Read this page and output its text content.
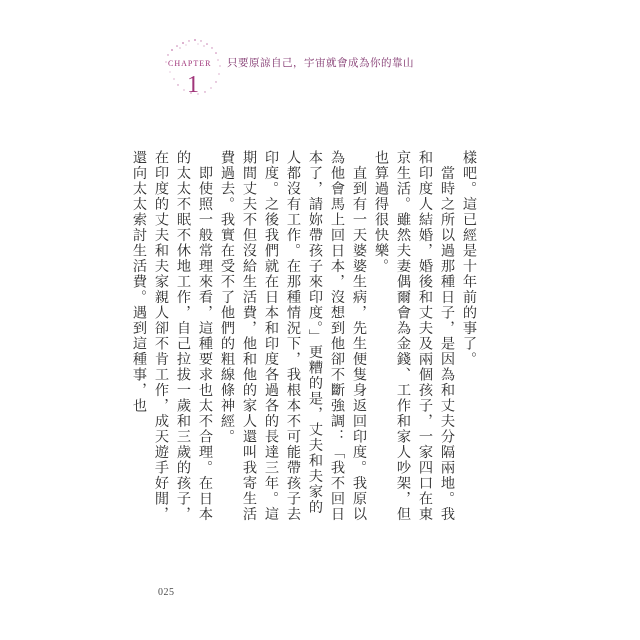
CHAPTER
1
只要原諒自己，宇宙就會成為你的靠山

樣吧。這已經是十年前的事了。

　當時之所以過那種日子，是因為和丈夫分隔兩地。我和印度人結婚，婚後和丈夫及兩個孩子，一家四口在東京生活。雖然夫妻偶爾會為金錢、工作和家人吵架，但也算過得很快樂。

　直到有一天婆婆生病，先生便隻身返回印度。我原以為他會馬上回日本，沒想到他卻不斷強調：「我不回日本了，請妳帶孩子來印度。」更糟的是，丈夫和夫家的人都沒有工作。在那種情況下，我根本不可能帶孩子去印度。之後我們就在日本和印度各過各的長達三年。這期間丈夫不但沒給生活費，他和他的家人還叫我寄生活費過去。我實在受不了他們的粗線條神經。

　即使照一般常理來看，這種要求也太不合理。在日本的太太不眠不休地工作，自己拉拔一歲和三歲的孩子，在印度的丈夫和夫家親人卻不肯工作，成天遊手好閒，還向太太索討生活費。遇到這種事，也

025
